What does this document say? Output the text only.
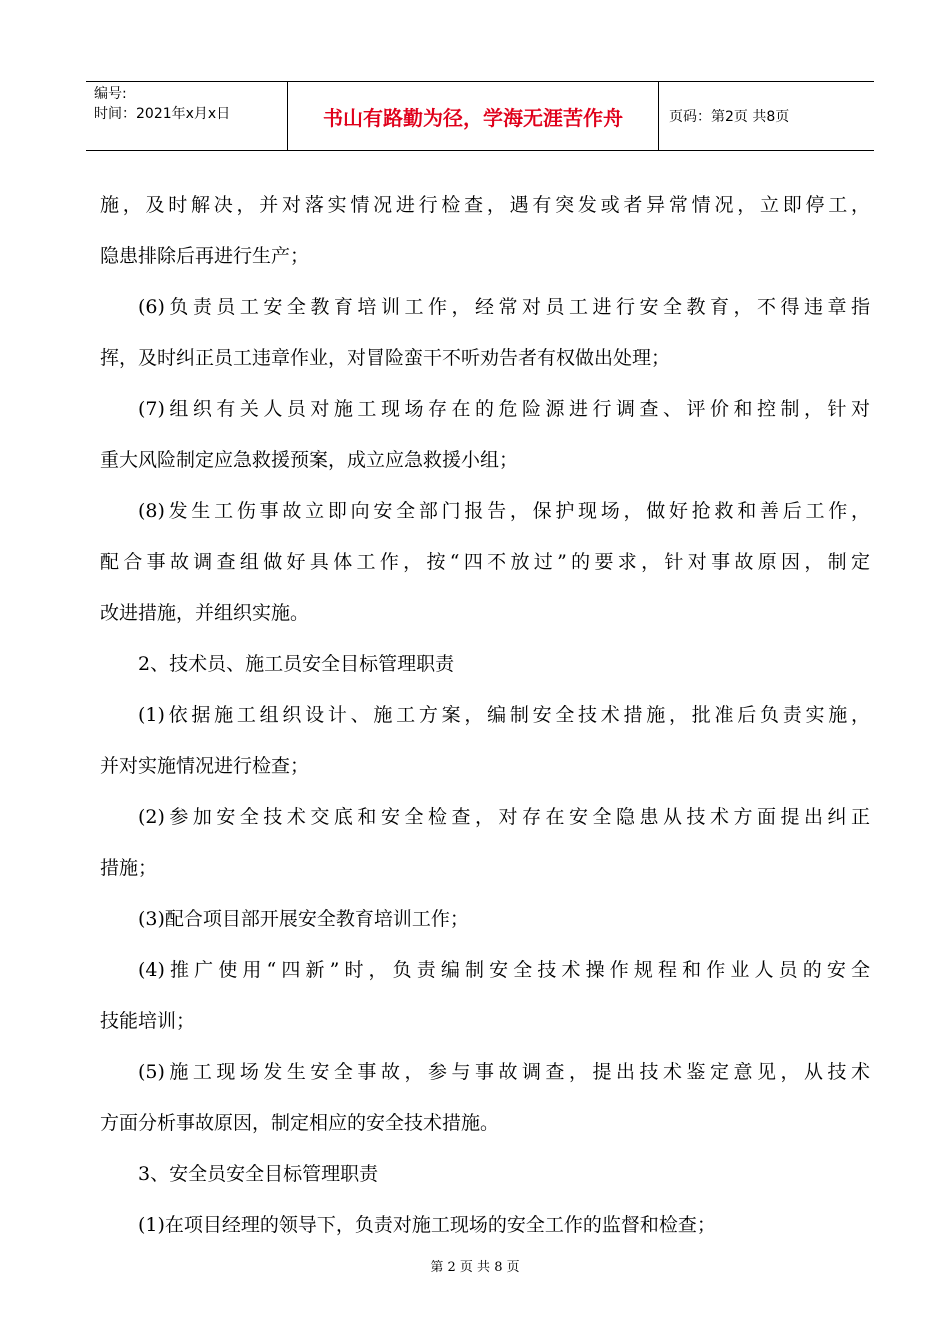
编号:
时间：2021年x月x日	书山有路勤为径，学海无涯苦作舟	页码：第2页 共8页
施，及时解决，并对落实情况进行检查，遇有突发或者异常情况，立即停工，
隐患排除后再进行生产；
(6)负责员工安全教育培训工作，经常对员工进行安全教育，不得违章指
挥，及时纠正员工违章作业，对冒险蛮干不听劝告者有权做出处理；
(7)组织有关人员对施工现场存在的危险源进行调查、评价和控制，针对
重大风险制定应急救援预案，成立应急救援小组；
(8)发生工伤事故立即向安全部门报告，保护现场，做好抢救和善后工作，
配合事故调查组做好具体工作，按“四不放过”的要求，针对事故原因，制定
改进措施，并组织实施。
2、技术员、施工员安全目标管理职责
(1)依据施工组织设计、施工方案，编制安全技术措施，批准后负责实施，
并对实施情况进行检查；
(2)参加安全技术交底和安全检查，对存在安全隐患从技术方面提出纠正
措施；
(3)配合项目部开展安全教育培训工作；
(4)推广使用“四新”时，负责编制安全技术操作规程和作业人员的安全
技能培训；
(5)施工现场发生安全事故，参与事故调查，提出技术鉴定意见，从技术
方面分析事故原因，制定相应的安全技术措施。
3、安全员安全目标管理职责
(1)在项目经理的领导下，负责对施工现场的安全工作的监督和检查；
第 2 页 共 8 页
